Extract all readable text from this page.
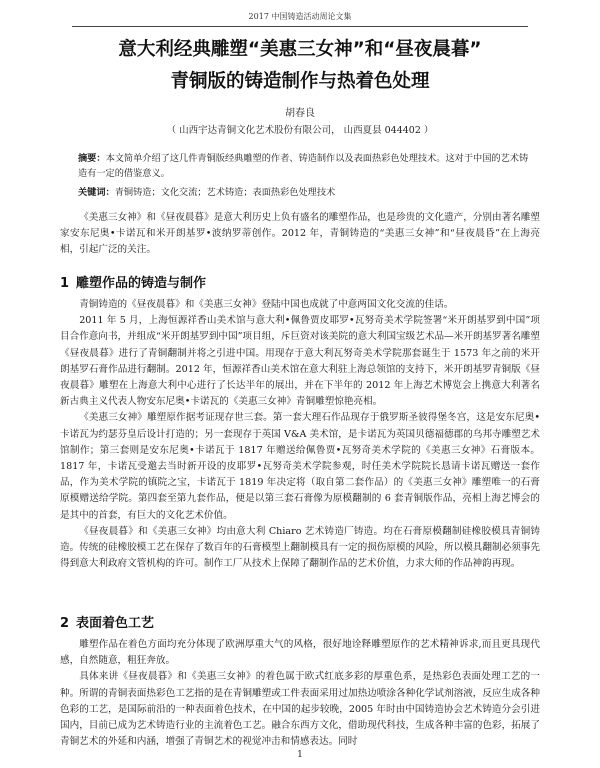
2017 中国铸造活动周论文集
意大利经典雕塑“美惠三女神”和“昼夜晨暮”
青铜版的铸造制作与热着色处理
胡春良
（ 山西宇达青铜文化艺术股份有限公司， 山西夏县 044402 ）
摘要：本文简单介绍了这几件青铜版经典雕塑的作者、铸造制作以及表面热彩色处理技术。这对于中国的艺术铸造有一定的借鉴意义。
关键词：青铜铸造；文化交流；艺术铸造；表面热彩色处理技术

《美惠三女神》和《昼夜晨暮》是意大利历史上负有盛名的雕塑作品，也是珍贵的文化遗产，分别由著名雕塑家安东尼奥•卡诺瓦和米开朗基罗•波纳罗蒂创作。2012 年，青铜铸造的“美惠三女神”和“昼夜晨昏”在上海亮相，引起广泛的关注。

1 雕塑作品的铸造与制作

青铜铸造的《昼夜晨暮》和《美惠三女神》登陆中国也成就了中意两国文化交流的佳话。

2011 年 5 月，上海恒源祥香山美术馆与意大利•佩鲁贾皮耶罗•瓦努奇美术学院签署“米开朗基罗到中国”项目合作意向书，并组成“米开朗基罗到中国”项目组，斥巨资对该美院的意大利国宝级艺术品—米开朗基罗著名雕塑《昼夜晨暮》进行了青铜翻制并将之引进中国。用现存于意大利瓦努奇美术学院那套诞生于 1573 年之前的米开朗基罗石膏作品进行翻制。2012 年，恒源祥香山美术馆在意大利驻上海总领馆的支持下，米开朗基罗青铜版《昼夜晨暮》雕塑在上海意大利中心进行了长达半年的展出，并在下半年的 2012 年上海艺术博览会上携意大利著名新古典主义代表人物安东尼奥•卡诺瓦的《美惠三女神》青铜雕塑惊艳亮相。

《美惠三女神》雕塑原作据考证现存世三套。第一套大理石作品现存于俄罗斯圣彼得堡冬宫，这是安东尼奥•卡诺瓦为约瑟芬皇后设计打造的；另一套现存于英国 V&A 美术馆，是卡诺瓦为英国贝德福德郡的乌邦寺雕塑艺术馆制作；第三套则是安东尼奥•卡诺瓦于 1817 年赠送给佩鲁贾•瓦努奇美术学院的《美惠三女神》石膏版本。 1817 年，卡诺瓦受邀去当时新开设的皮耶罗•瓦努奇美术学院参观，时任美术学院院长恳请卡诺瓦赠送一套作品，作为美术学院的镇院之宝，卡诺瓦于 1819 年决定将（取自第二套作品）的《美惠三女神》雕塑唯一的石膏原模赠送给学院。第四套至第九套作品，便是以第三套石膏像为原模翻制的 6 套青铜版作品，亮相上海艺博会的是其中的首套，有巨大的文化艺术价值。

《昼夜晨暮》和《美惠三女神》均由意大利 Chiaro 艺术铸造厂铸造。均在石膏原模翻制硅橡胶模具青铜铸造。传统的硅橡胶模工艺在保存了数百年的石膏模型上翻制模具有一定的损伤原模的风险，所以模具翻制必须事先得到意大利政府文管机构的许可。制作工厂从技术上保障了翻制作品的艺术价值，力求大师的作品神韵再现。

2 表面着色工艺

雕塑作品在着色方面均充分体现了欧洲厚重大气的风格，很好地诠释雕塑原作的艺术精神诉求,而且更具现代感，自然随意，粗狂奔放。

具体来讲《昼夜晨暮》和《美惠三女神》的着色属于欧式红底多彩的厚重色系，是热彩色表面处理工艺的一种。所谓的青铜表面热彩色工艺指的是在青铜雕塑或工件表面采用过加热边喷涂各种化学试剂溶液，反应生成各种色彩的工艺，是国际前沿的一种表面着色技术，在中国的起步较晚，2005 年时由中国铸造协会艺术铸造分会引进国内，目前已成为艺术铸造行业的主流着色工艺。融合东西方文化，借助现代科技，生成各种丰富的色彩，拓展了青铜艺术的外延和内涵，增强了青铜艺术的视觉冲击和情感表达。同时

1
